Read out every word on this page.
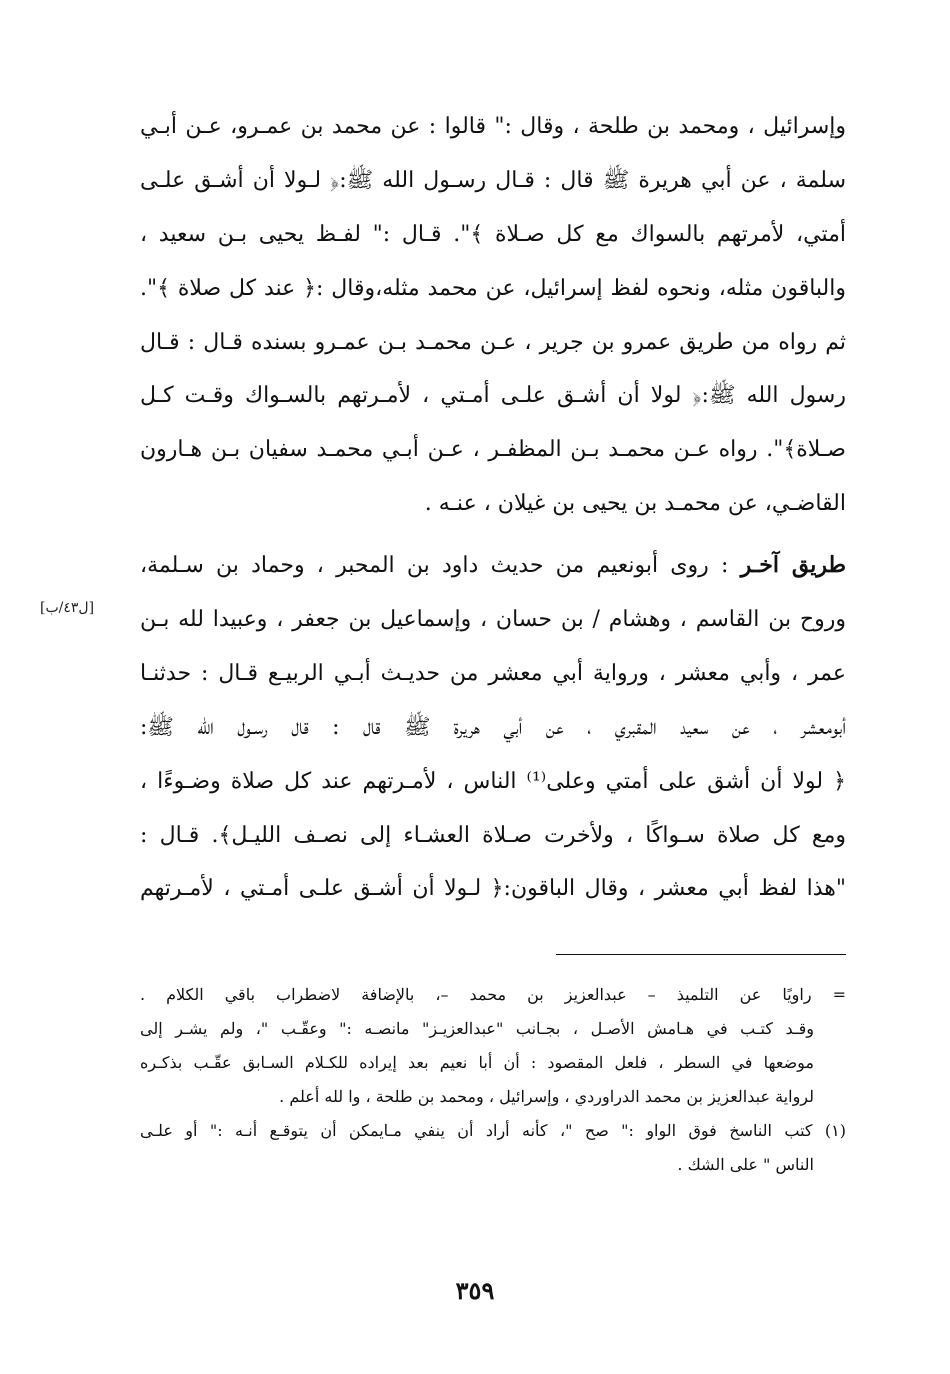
وإسرائيل ، ومحمد بن طلحة ، وقال :" قالوا : عن محمد بن عمـرو، عـن أبـي
سلمة ، عن أبي هريرة ﷺ قال : قـال رسـول الله ﷺ:﴿ لـولا أن أشـق علـى
أمتي، لأمرتهم بالسواك مع كل صـلاة ﴾". قـال :" لفـظ يحيى بـن سعيد ،
والباقون مثله، ونحوه لفظ إسرائيل، عن محمد مثله،وقال :﴿ عند كل صلاة ﴾".
ثم رواه من طريق عمرو بن جرير ، عـن محمـد بـن عمـرو بسنده قـال : قـال
رسول الله ﷺ:﴿ لولا أن أشـق علـى أمـتي ، لأمـرتهم بالسـواك وقـت كـل
صـلاة﴾". رواه عـن محمـد بـن المظفـر ، عـن أبـي محمـد سفيان بـن هـارون
القاضـي، عن محمـد بن يحيى بن غيلان ، عنـه .
طريق آخـر : روى أبونعيم من حديث داود بن المحبر ، وحماد بن سـلمة،
وروح بن القاسم ، وهشام / بن حسان ، وإسماعيل بن جعفر ، وعبيدا لله بـن
عمر ، وأبي معشر ، ورواية أبي معشر من حديـث أبـي الربيـع قـال : حدثنـا
أبومعشر ، عن سعيد المقبري ، عن أبي هريرة ﷺ قال : قال رسـول الله ﷺ:
﴿ لولا أن أشق على أمتي وعلى⁽¹⁾ الناس ، لأمـرتهم عند كل صلاة وضـوءًا ،
ومع كل صلاة سـواكًا ، ولأخرت صـلاة العشـاء إلى نصـف الليـل﴾. قـال :
"هذا لفظ أبي معشر ، وقال الباقون:﴿ لـولا أن أشـق علـى أمـتي ، لأمـرتهم
[ل٤٣/ب]
= راويًا عن التلميذ – عبدالعزيز بن محمد –، بالإضافة لاضطراب باقي الكلام .
وقـد كتـب في هـامش الأصـل ، بجـانب "عبدالعزيـز" مانصـه :" وعقّـب "، ولم يشـر إلى
موضعها في السطر ، فلعل المقصود : أن أبا نعيم بعد إيراده للكـلام السـابق عقّـب بذكـره
لرواية عبدالعزيز بن محمد الدراوردي ، وإسرائيل ، ومحمد بن طلحة ، وا لله أعلم .
(١) كتب الناسخ فوق الواو :" صح "، كأنه أراد أن ينفي مـايمكن أن يتوقـع أنـه :" أو علـى
الناس " على الشك .
٣٥٩
